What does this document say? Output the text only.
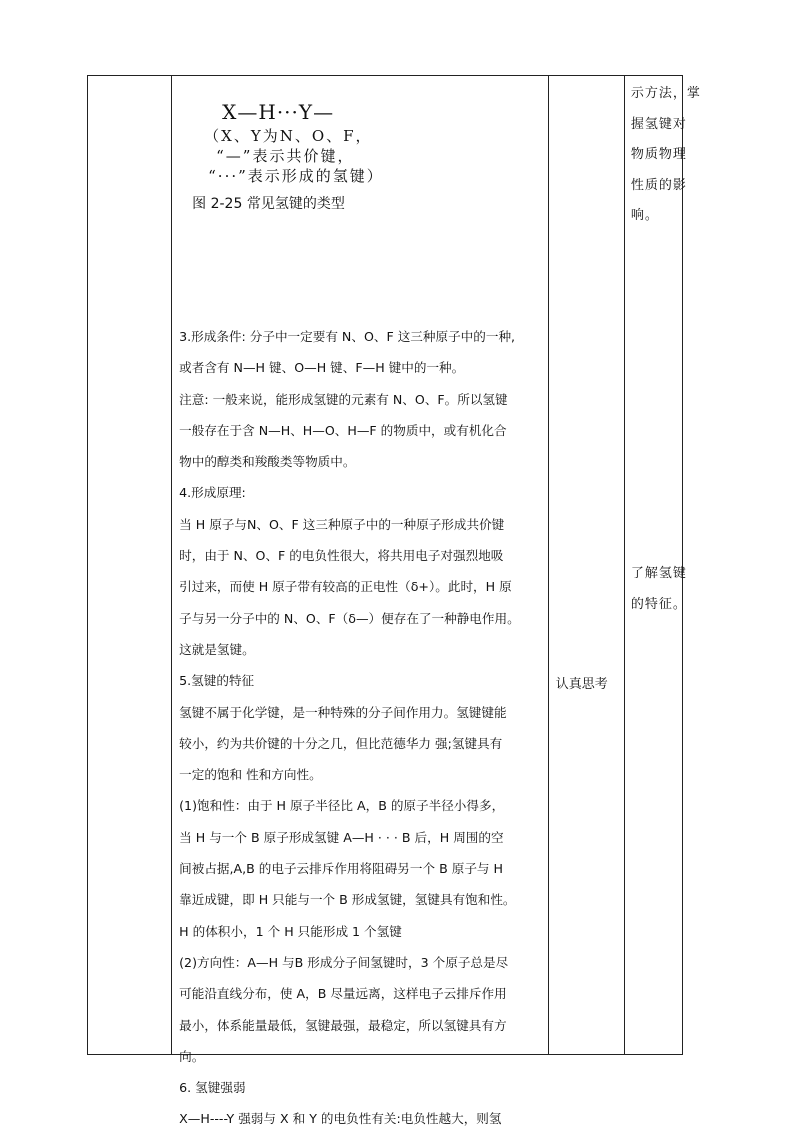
X—H···Y—
（X、Y为N、O、F，
“—”表示共价键，
“···”表示形成的氢键）
图 2-25 常见氢键的类型
3.形成条件: 分子中一定要有 N、O、F 这三种原子中的一种,
或者含有 N—H 键、O—H 键、F—H 键中的一种。
注意: 一般来说，能形成氢键的元素有 N、O、F。所以氢键
一般存在于含 N—H、H—O、H—F 的物质中，或有机化合
物中的醇类和羧酸类等物质中。
4.形成原理:
当 H 原子与N、O、F 这三种原子中的一种原子形成共价键
时，由于 N、O、F 的电负性很大，将共用电子对强烈地吸
引过来，而使 H 原子带有较高的正电性（δ+）。此时，H 原
子与另一分子中的 N、O、F（δ—）便存在了一种静电作用。
这就是氢键。
5.氢键的特征
氢键不属于化学键，是一种特殊的分子间作用力。氢键键能
较小，约为共价键的十分之几，但比范德华力 强;氢键具有
一定的饱和 性和方向性。
(1)饱和性：由于 H 原子半径比 A，B 的原子半径小得多，
当 H 与一个 B 原子形成氢键 A—H · · · B 后，H 周围的空
间被占据,A,B 的电子云排斥作用将阻碍另一个 B 原子与 H
靠近成键，即 H 只能与一个 B 形成氢键，氢键具有饱和性。
H 的体积小，1 个 H 只能形成 1 个氢键
(2)方向性：A—H 与B 形成分子间氢键时，3 个原子总是尽
可能沿直线分布，使 A，B 尽量远离，这样电子云排斥作用
最小，体系能量最低，氢键最强，最稳定，所以氢键具有方
向。
6. 氢键强弱
X—H----Y 强弱与 X 和 Y 的电负性有关:电负性越大，则氢

认真思考

示方法，掌
握氢键对
物质物理
性质的影
响。
了解氢键
的特征。
